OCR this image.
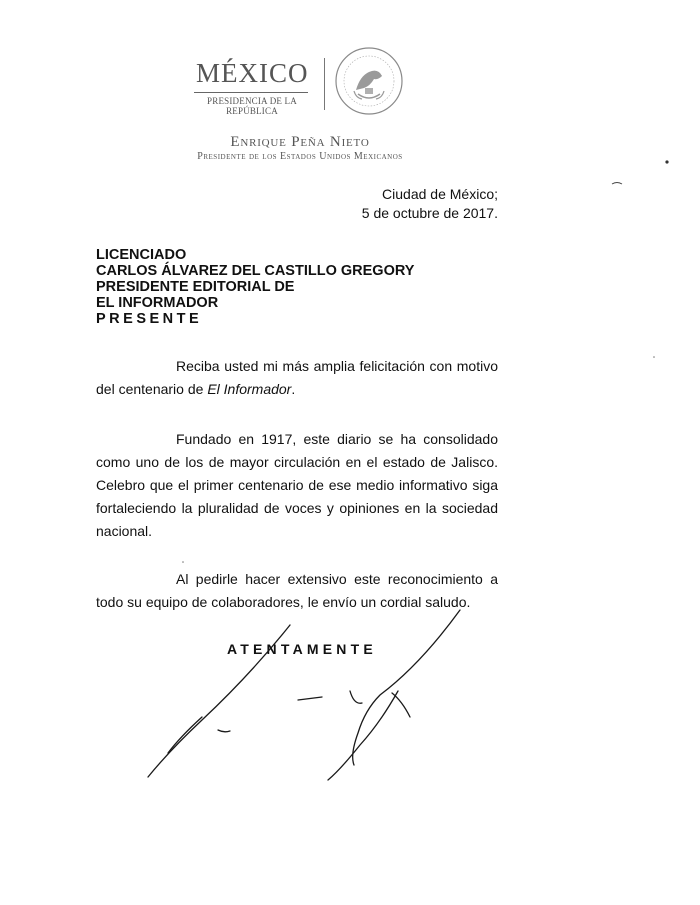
MÉXICO
PRESIDENCIA DE LA REPÚBLICA
Enrique Peña Nieto
Presidente de los Estados Unidos Mexicanos
Ciudad de México;
5 de octubre de 2017.
LICENCIADO
CARLOS ÁLVAREZ DEL CASTILLO GREGORY
PRESIDENTE EDITORIAL DE
EL INFORMADOR
PRESENTE
Reciba usted mi más amplia felicitación con motivo del centenario de El Informador.
Fundado en 1917, este diario se ha consolidado como uno de los de mayor circulación en el estado de Jalisco. Celebro que el primer centenario de ese medio informativo siga fortaleciendo la pluralidad de voces y opiniones en la sociedad nacional.
Al pedirle hacer extensivo este reconocimiento a todo su equipo de colaboradores, le envío un cordial saludo.
ATENTAMENTE
